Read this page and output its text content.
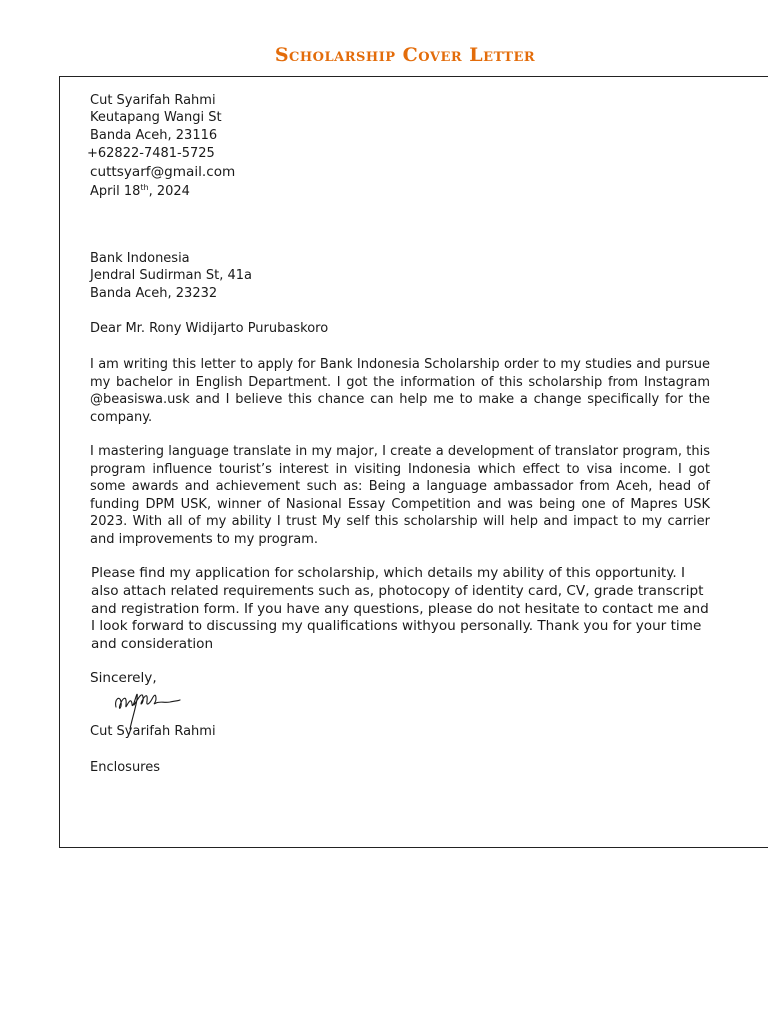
Scholarship Cover Letter

Cut Syarifah Rahmi

Keutapang Wangi St

Banda Aceh, 23116

+62822-7481-5725

cuttsyarf@gmail.com

April 18th, 2024

Bank Indonesia

Jendral Sudirman St, 41a

Banda Aceh, 23232

Dear Mr. Rony Widijarto Purubaskoro

I am writing this letter to apply for Bank Indonesia Scholarship order to my studies and pursue my bachelor in English Department. I got the information of this scholarship from Instagram @beasiswa.usk and I believe this chance can help me to make a change specifically for the company.

I mastering language translate in my major, I create a development of translator program, this program influence tourist’s interest in visiting Indonesia which effect to visa income. I got some awards and achievement such as: Being a language ambassador from Aceh, head of funding DPM USK, winner of Nasional Essay Competition and was being one of Mapres USK 2023. With all of my ability I trust My self this scholarship will help and impact to my carrier and improvements to my program.

Please find my application for scholarship, which details my ability of this opportunity. I also attach related requirements such as, photocopy of identity card, CV, grade transcript and registration form. If you have any questions, please do not hesitate to contact me and I look forward to discussing my qualifications withyou personally. Thank you for your time and consideration

Sincerely,

Cut Syarifah Rahmi

Enclosures
